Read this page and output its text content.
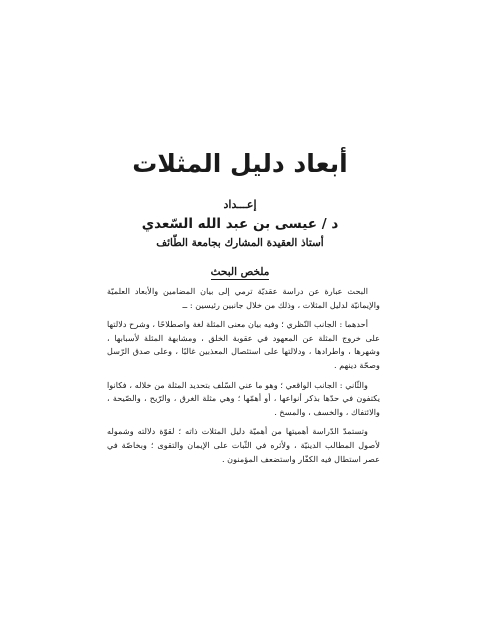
أبعاد دليل المثلات
إعـــداد
د / عيسى بن عبد الله السّعدي
أستاذ العقيدة المشارك بجامعة الطّائف
ملخص البحث

البحث عبارة عن دراسة عقديّة ترمي إلى بيان المضامين والأبعاد العلميّة والإيمانيّة لدليل المثلات ، وذلك من خلال جانبين رئيسين : ــ

أحدهما : الجانب النّظري ؛ وفيه بيان معنى المثلة لغة واصطلاحًا ، وشرح دلالتها على خروج المثلة عن المعهود في عقوبة الخلق ، ومشابهة المثلة لأسبابها ، وشهرها ، واطرادها ، ودلالتها على استئصال المعذبين غالبًا ، وعلى صدق الرّسل وصحّة دينهم .

والثّاني : الجانب الواقعي ؛ وهو ما عني السّلف بتحديد المثلة من خلاله ، فكانوا يكتفون في حدّها بذكر أنواعها ، أو أهمّها ؛ وهي مثلة الغرق ، والرّيح ، والصّيحة ، والائتفاك ، والخسف ، والمسخ .

وتستمدّ الدّراسة أهميتها من أهميّة دليل المثلات ذاته ؛ لقوّة دلالته وشموله لأصول المطالب الدينيّة ، ولأثره في الثّبات على الإيمان والتقوى ؛ وبخاصّة في عصر استطال فيه الكفّار واستضعف المؤمنون .
